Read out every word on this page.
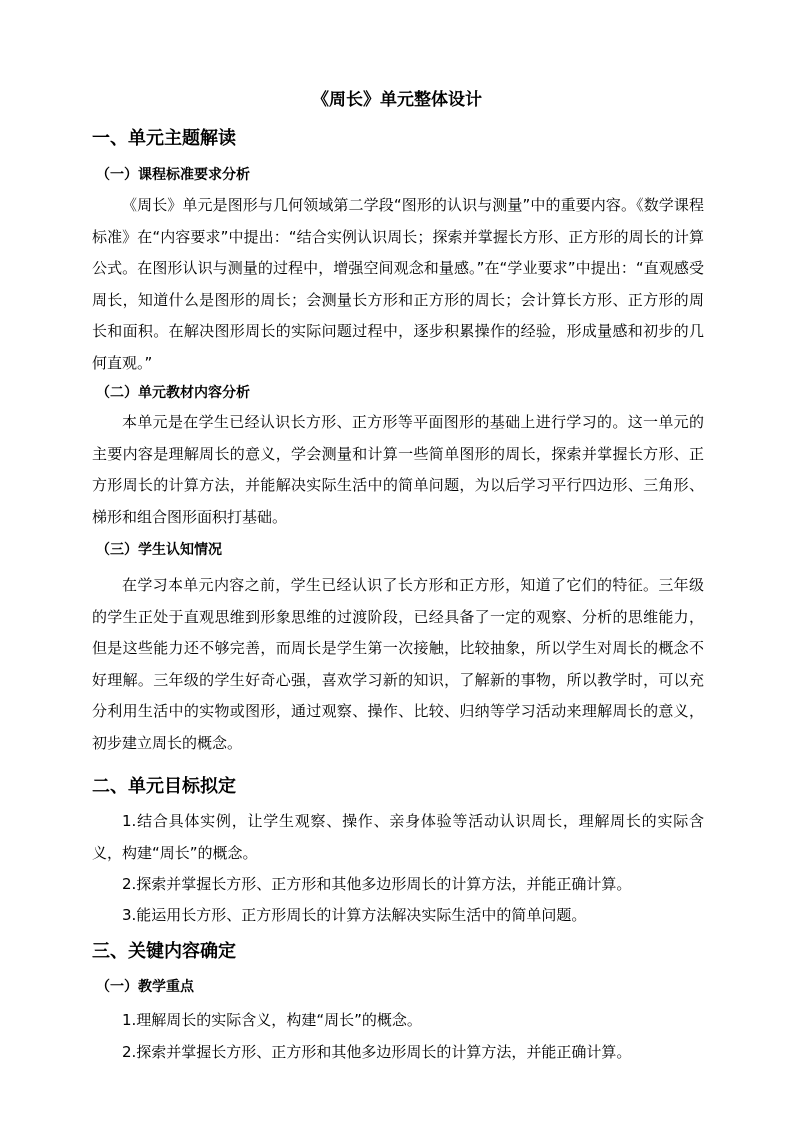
《周长》单元整体设计
一、单元主题解读
（一）课程标准要求分析
《周长》单元是图形与几何领域第二学段“图形的认识与测量”中的重要内容。《数学课程标准》在“内容要求”中提出：“结合实例认识周长；探索并掌握长方形、正方形的周长的计算公式。在图形认识与测量的过程中，增强空间观念和量感。”在“学业要求”中提出：“直观感受周长，知道什么是图形的周长；会测量长方形和正方形的周长；会计算长方形、正方形的周长和面积。在解决图形周长的实际问题过程中，逐步积累操作的经验，形成量感和初步的几何直观。”
（二）单元教材内容分析
本单元是在学生已经认识长方形、正方形等平面图形的基础上进行学习的。这一单元的主要内容是理解周长的意义，学会测量和计算一些简单图形的周长，探索并掌握长方形、正方形周长的计算方法，并能解决实际生活中的简单问题，为以后学习平行四边形、三角形、梯形和组合图形面积打基础。
（三）学生认知情况
在学习本单元内容之前，学生已经认识了长方形和正方形，知道了它们的特征。三年级的学生正处于直观思维到形象思维的过渡阶段，已经具备了一定的观察、分析的思维能力，但是这些能力还不够完善，而周长是学生第一次接触，比较抽象，所以学生对周长的概念不好理解。三年级的学生好奇心强，喜欢学习新的知识，了解新的事物，所以教学时，可以充分利用生活中的实物或图形，通过观察、操作、比较、归纳等学习活动来理解周长的意义，初步建立周长的概念。
二、单元目标拟定
1.结合具体实例，让学生观察、操作、亲身体验等活动认识周长，理解周长的实际含义，构建“周长”的概念。
2.探索并掌握长方形、正方形和其他多边形周长的计算方法，并能正确计算。
3.能运用长方形、正方形周长的计算方法解决实际生活中的简单问题。
三、关键内容确定
（一）教学重点
1.理解周长的实际含义，构建“周长”的概念。
2.探索并掌握长方形、正方形和其他多边形周长的计算方法，并能正确计算。
